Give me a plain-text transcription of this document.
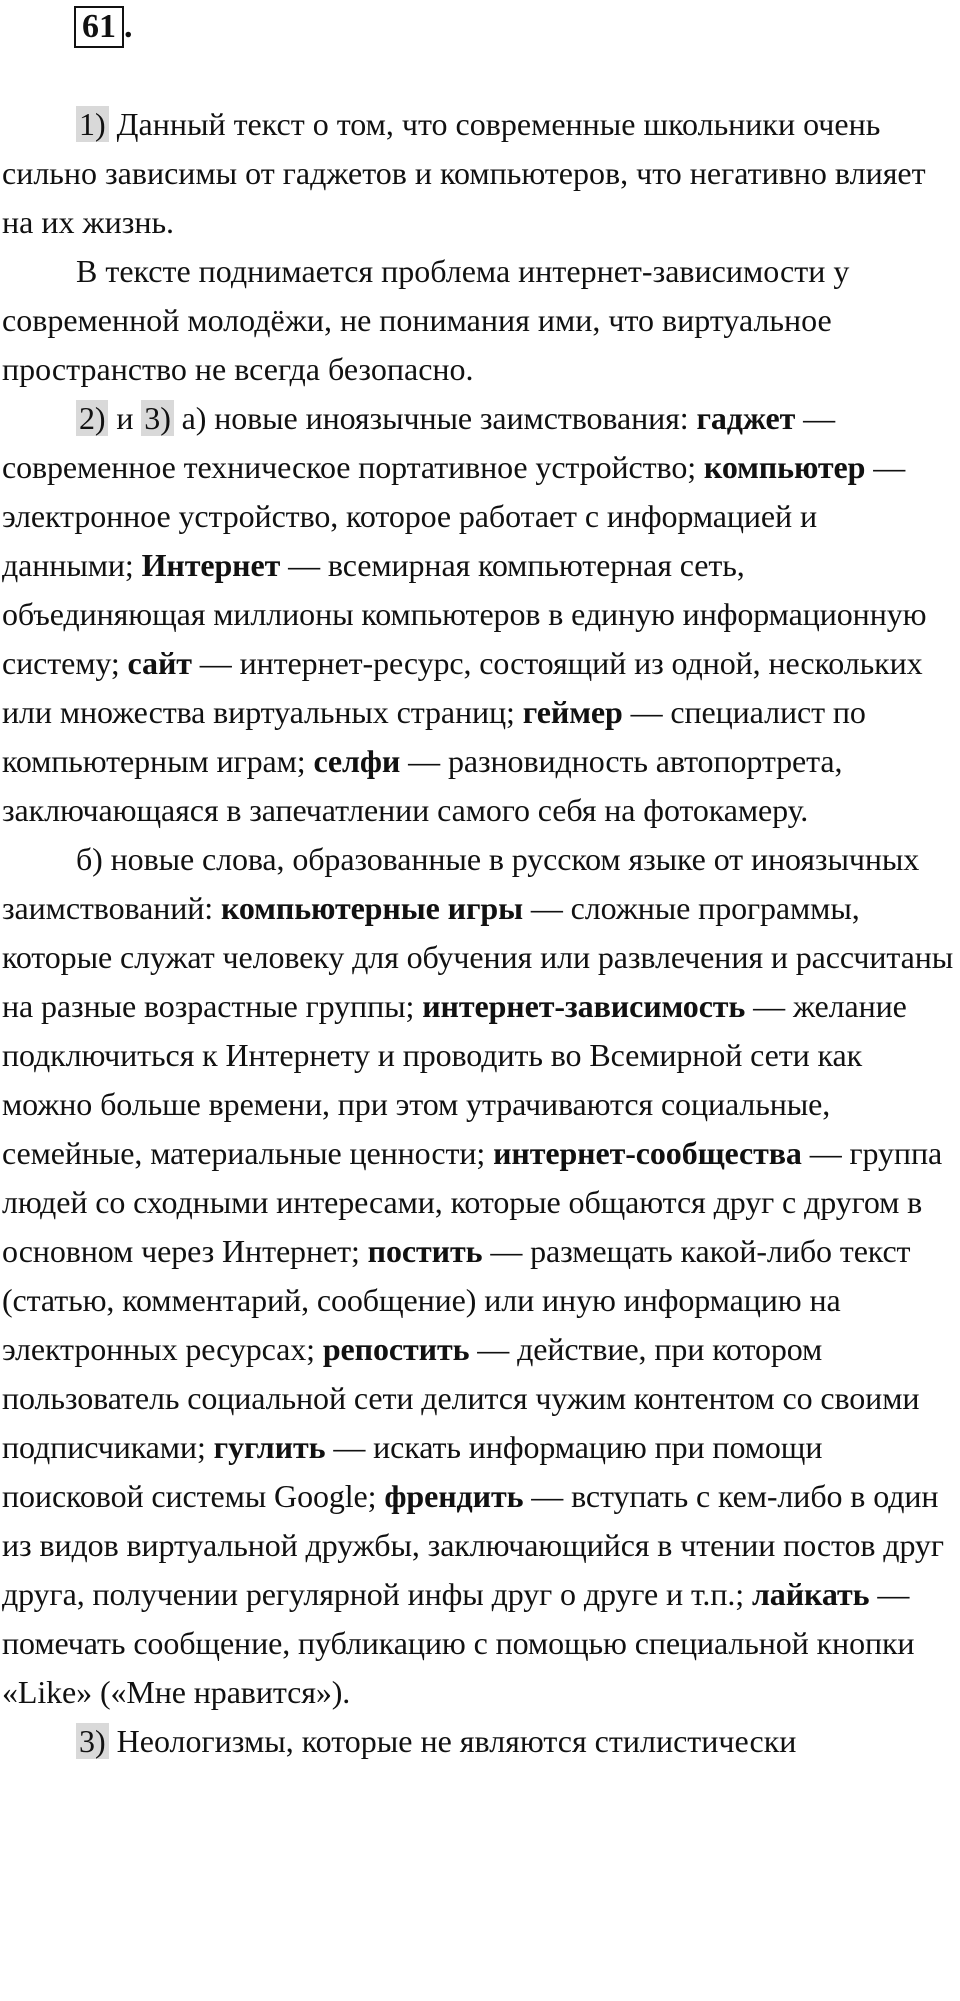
61 .

1) Данный текст о том, что современные школьники очень сильно зависимы от гаджетов и компьютеров, что негативно влияет на их жизнь.

В тексте поднимается проблема интернет-зависимости у современной молодёжи, не понимания ими, что виртуальное пространство не всегда безопасно.

2) и 3) а) новые иноязычные заимствования: гаджет — современное техническое портативное устройство; компьютер — электронное устройство, которое работает с информацией и данными; Интернет — всемирная компьютерная сеть, объединяющая миллионы компьютеров в единую информационную систему; сайт — интернет-ресурс, состоящий из одной, нескольких или множества виртуальных страниц; геймер — специалист по компьютерным играм; селфи — разновидность автопортрета, заключающаяся в запечатлении самого себя на фотокамеру.

б) новые слова, образованные в русском языке от иноязычных заимствований: компьютерные игры — сложные программы, которые служат человеку для обучения или развлечения и рассчитаны на разные возрастные группы; интернет-зависимость — желание подключиться к Интернету и проводить во Всемирной сети как можно больше времени, при этом утрачиваются социальные, семейные, материальные ценности; интернет-сообщества — группа людей со сходными интересами, которые общаются друг с другом в основном через Интернет; постить — размещать какой-либо текст (статью, комментарий, сообщение) или иную информацию на электронных ресурсах; репостить — действие, при котором пользователь социальной сети делится чужим контентом со своими подписчиками; гуглить — искать информацию при помощи поисковой системы Google; френдить — вступать с кем-либо в один из видов виртуальной дружбы, заключающийся в чтении постов друг друга, получении регулярной инфы друг о друге и т.п.; лайкать — помечать сообщение, публикацию с помощью специальной кнопки «Like» («Мне нравится»).

3) Неологизмы, которые не являются стилистически
